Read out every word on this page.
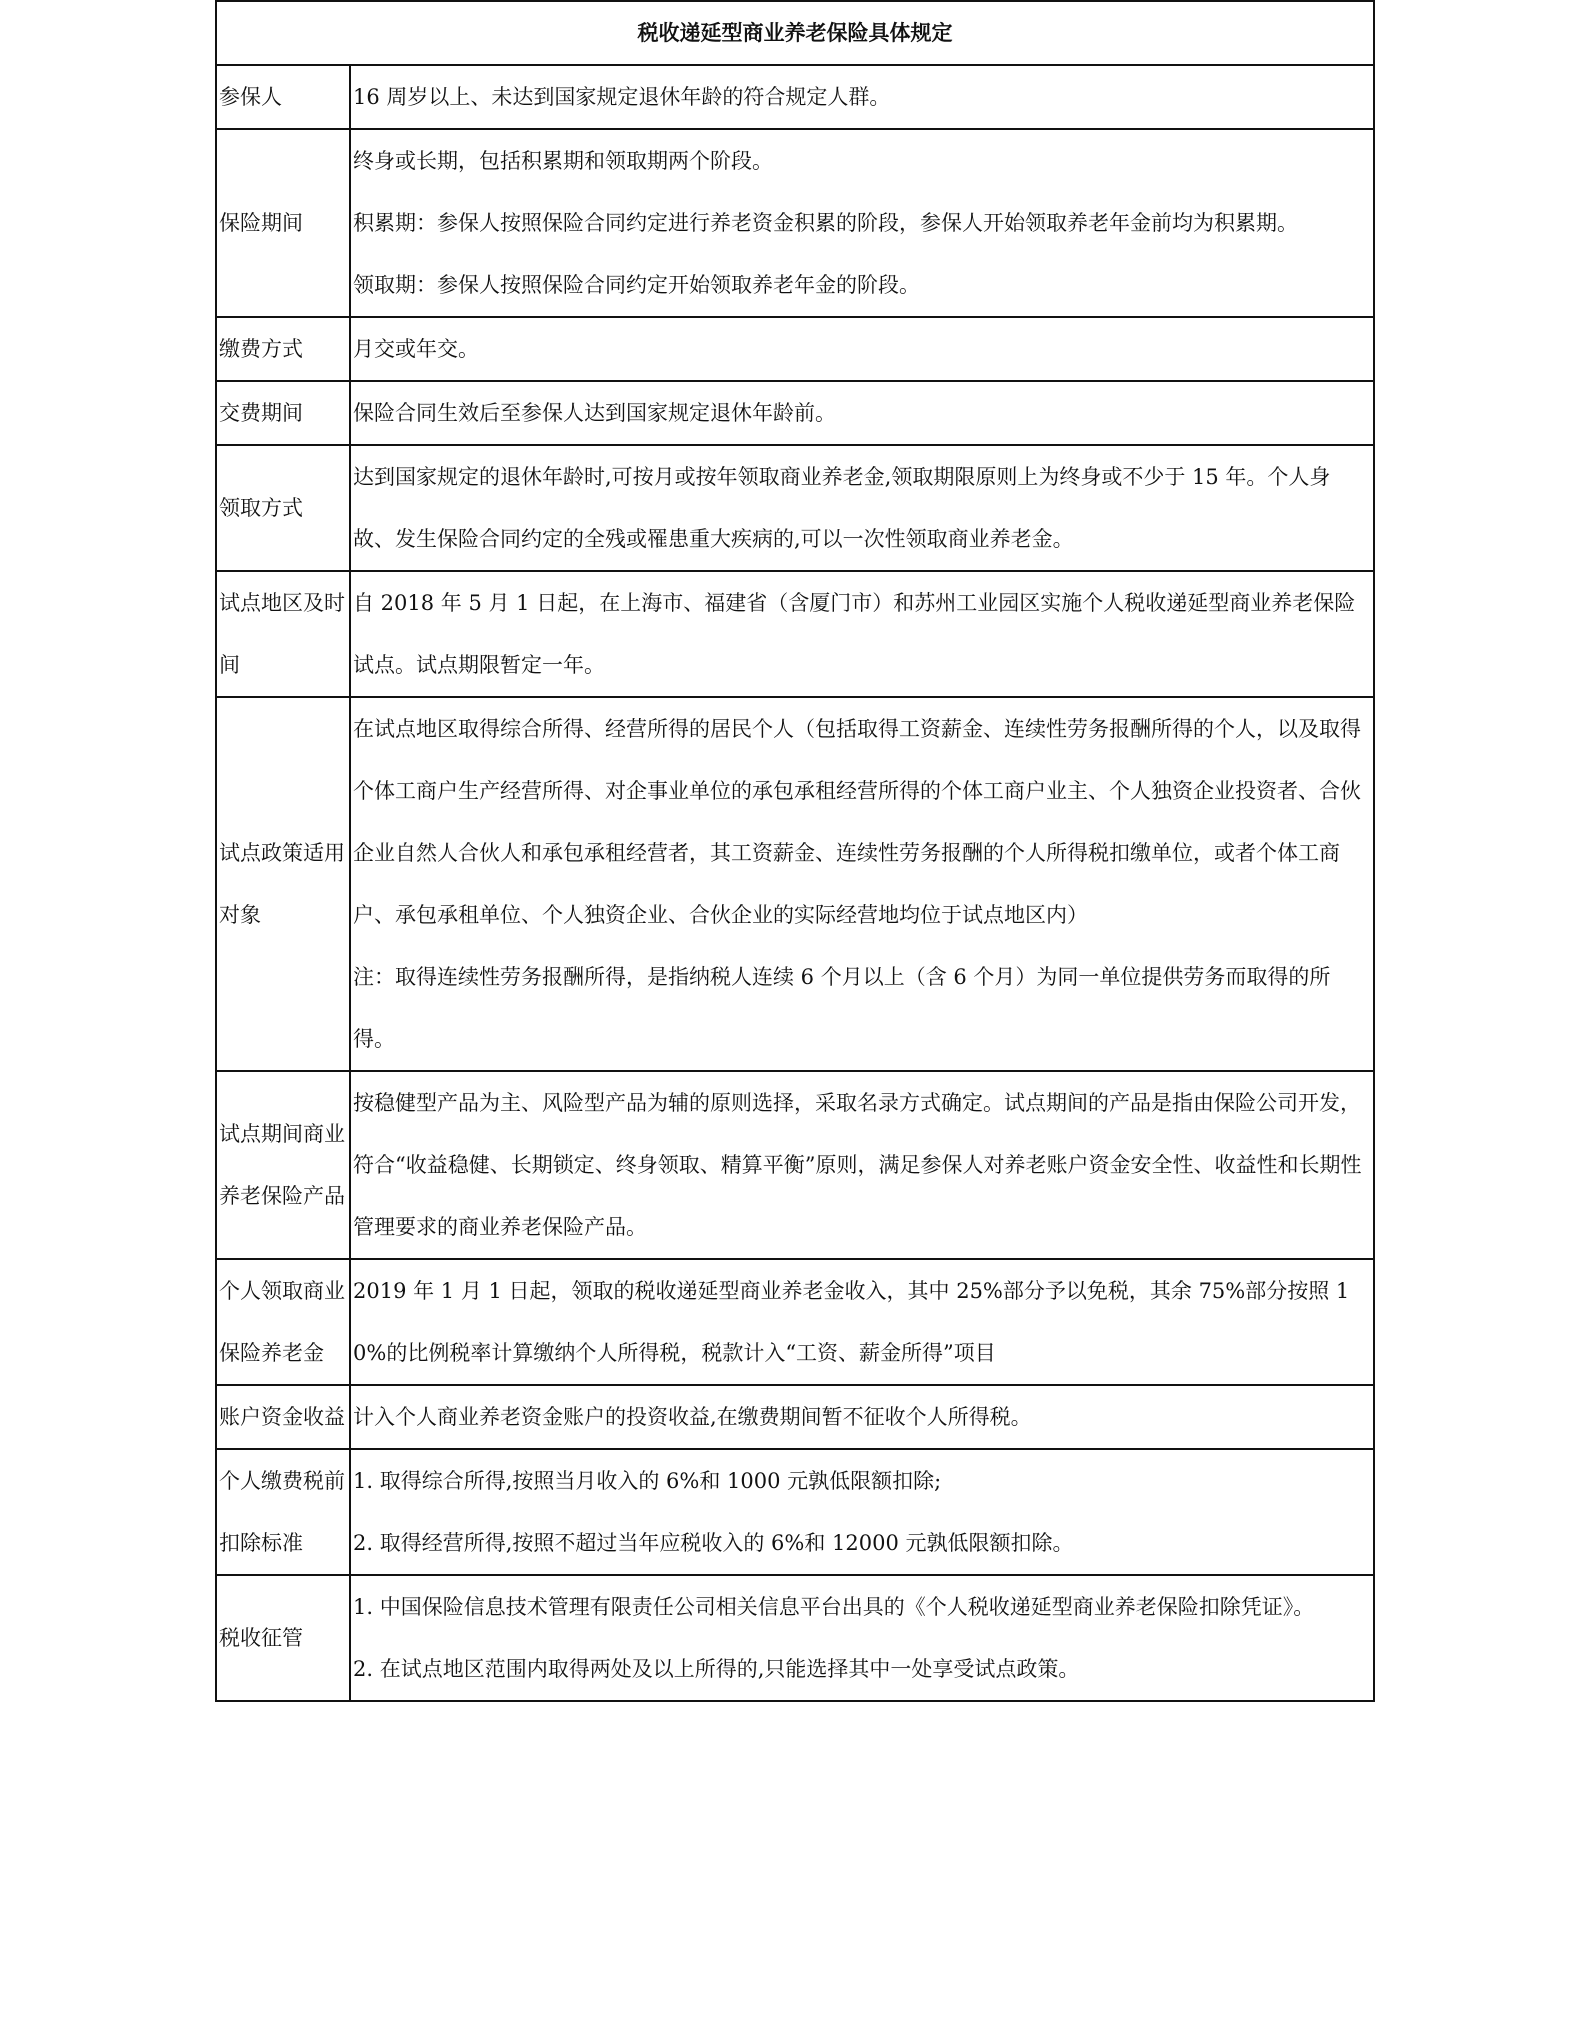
税收递延型商业养老保险具体规定	
参保人	16 周岁以上、未达到国家规定退休年龄的符合规定人群。

保险期间	终身或长期，包括积累期和领取期两个阶段。
积累期：参保人按照保险合同约定进行养老资金积累的阶段，参保人开始领取养老年金前均为积累期。
领取期：参保人按照保险合同约定开始领取养老年金的阶段。

缴费方式	月交或年交。

交费期间	保险合同生效后至参保人达到国家规定退休年龄前。

领取方式	达到国家规定的退休年龄时,可按月或按年领取商业养老金,领取期限原则上为终身或不少于 15 年。个人身故、发生保险合同约定的全残或罹患重大疾病的,可以一次性领取商业养老金。

试点地区及时间	自 2018 年 5 月 1 日起，在上海市、福建省（含厦门市）和苏州工业园区实施个人税收递延型商业养老保险试点。试点期限暂定一年。

试点政策适用对象	在试点地区取得综合所得、经营所得的居民个人（包括取得工资薪金、连续性劳务报酬所得的个人，以及取得个体工商户生产经营所得、对企事业单位的承包承租经营所得的个体工商户业主、个人独资企业投资者、合伙企业自然人合伙人和承包承租经营者，其工资薪金、连续性劳务报酬的个人所得税扣缴单位，或者个体工商户、承包承租单位、个人独资企业、合伙企业的实际经营地均位于试点地区内）
注：取得连续性劳务报酬所得，是指纳税人连续 6 个月以上（含 6 个月）为同一单位提供劳务而取得的所得。

试点期间商业养老保险产品	按稳健型产品为主、风险型产品为辅的原则选择，采取名录方式确定。试点期间的产品是指由保险公司开发，符合“收益稳健、长期锁定、终身领取、精算平衡”原则，满足参保人对养老账户资金安全性、收益性和长期性管理要求的商业养老保险产品。

个人领取商业保险养老金	2019 年 1 月 1 日起，领取的税收递延型商业养老金收入，其中 25%部分予以免税，其余 75%部分按照 10%的比例税率计算缴纳个人所得税，税款计入“工资、薪金所得”项目

账户资金收益	计入个人商业养老资金账户的投资收益,在缴费期间暂不征收个人所得税。

个人缴费税前扣除标准	1. 取得综合所得,按照当月收入的 6%和 1000 元孰低限额扣除;
2. 取得经营所得,按照不超过当年应税收入的 6%和 12000 元孰低限额扣除。

税收征管	1. 中国保险信息技术管理有限责任公司相关信息平台出具的《个人税收递延型商业养老保险扣除凭证》。
2. 在试点地区范围内取得两处及以上所得的,只能选择其中一处享受试点政策。
